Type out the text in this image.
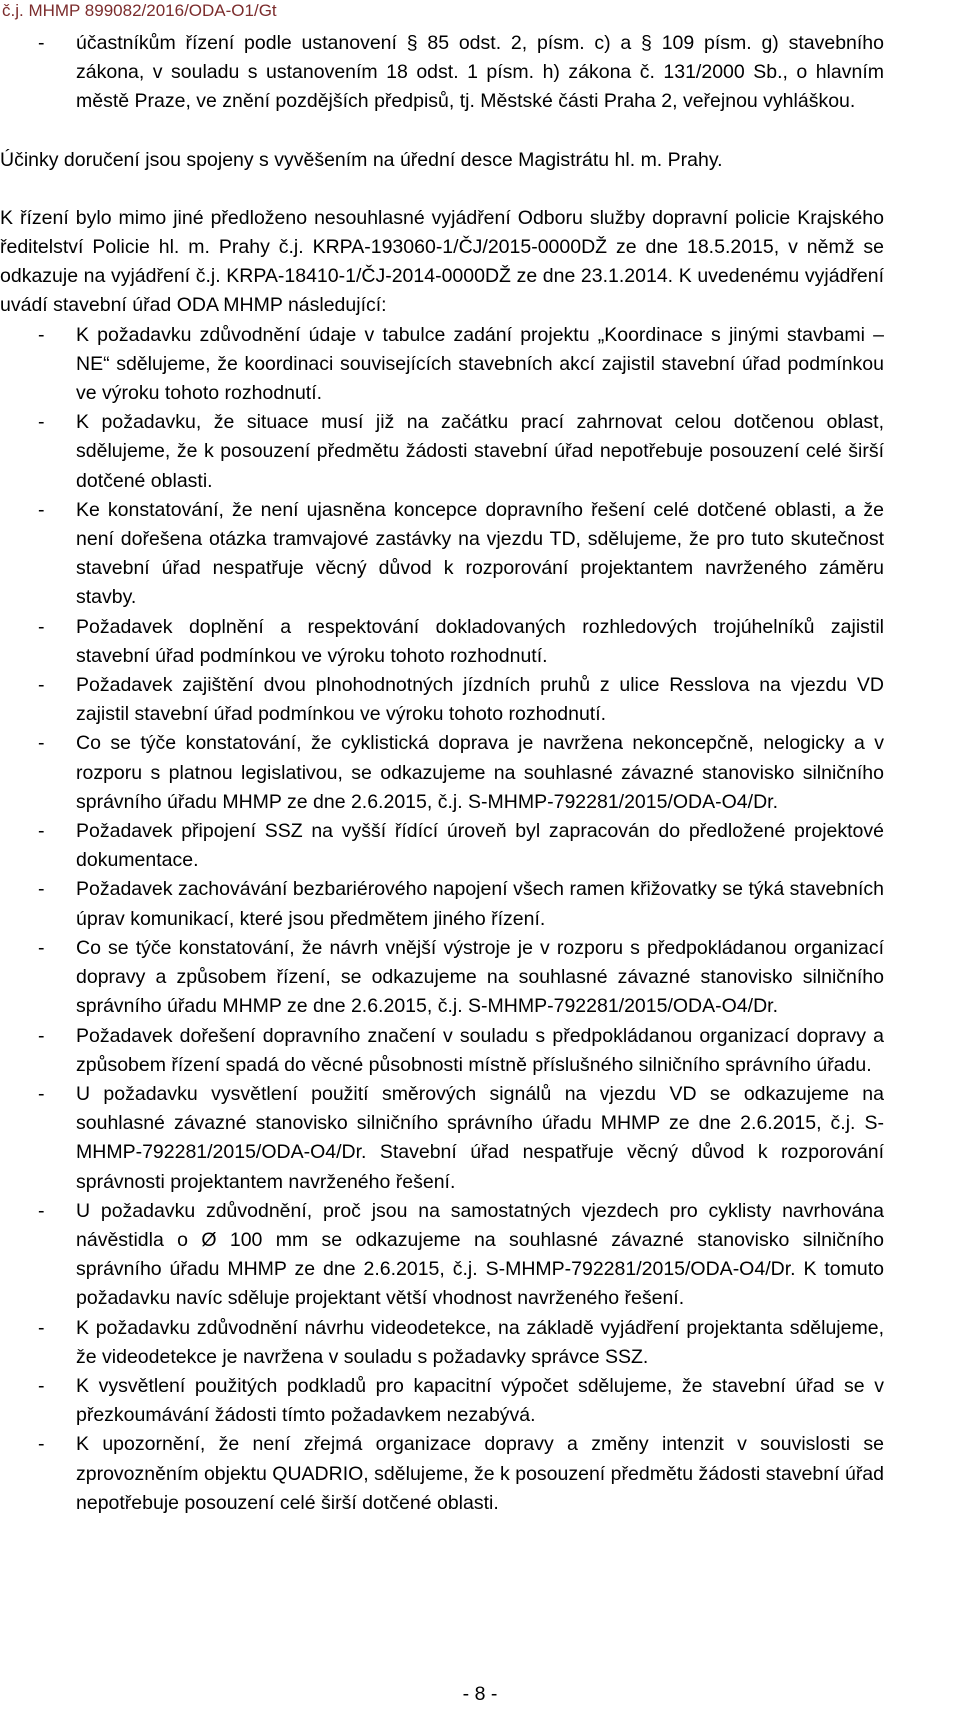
č.j. MHMP 899082/2016/ODA-O1/Gt
- účastníkům řízení podle ustanovení § 85 odst. 2, písm. c) a § 109 písm. g) stavebního zákona, v souladu s ustanovením 18 odst. 1 písm. h) zákona č. 131/2000 Sb., o hlavním městě Praze, ve znění pozdějších předpisů, tj. Městské části Praha 2, veřejnou vyhláškou.

Účinky doručení jsou spojeny s vyvěšením na úřední desce Magistrátu hl. m. Prahy.

K řízení bylo mimo jiné předloženo nesouhlasné vyjádření Odboru služby dopravní policie Krajského ředitelství Policie hl. m. Prahy č.j. KRPA-193060-1/ČJ/2015-0000DŽ ze dne 18.5.2015, v němž se odkazuje na vyjádření č.j. KRPA-18410-1/ČJ-2014-0000DŽ ze dne 23.1.2014. K uvedenému vyjádření uvádí stavební úřad ODA MHMP následující:

- K požadavku zdůvodnění údaje v tabulce zadání projektu „Koordinace s jinými stavbami – NE“ sdělujeme, že koordinaci souvisejících stavebních akcí zajistil stavební úřad podmínkou ve výroku tohoto rozhodnutí.
- K požadavku, že situace musí již na začátku prací zahrnovat celou dotčenou oblast, sdělujeme, že k posouzení předmětu žádosti stavební úřad nepotřebuje posouzení celé širší dotčené oblasti.
- Ke konstatování, že není ujasněna koncepce dopravního řešení celé dotčené oblasti, a že není dořešena otázka tramvajové zastávky na vjezdu TD, sdělujeme, že pro tuto skutečnost stavební úřad nespatřuje věcný důvod k rozporování projektantem navrženého záměru stavby.
- Požadavek doplnění a respektování dokladovaných rozhledových trojúhelníků zajistil stavební úřad podmínkou ve výroku tohoto rozhodnutí.
- Požadavek zajištění dvou plnohodnotných jízdních pruhů z ulice Resslova na vjezdu VD zajistil stavební úřad podmínkou ve výroku tohoto rozhodnutí.
- Co se týče konstatování, že cyklistická doprava je navržena nekoncepčně, nelogicky a v rozporu s platnou legislativou, se odkazujeme na souhlasné závazné stanovisko silničního správního úřadu MHMP ze dne 2.6.2015, č.j. S-MHMP-792281/2015/ODA-O4/Dr.
- Požadavek připojení SSZ na vyšší řídící úroveň byl zapracován do předložené projektové dokumentace.
- Požadavek zachovávání bezbariérového napojení všech ramen křižovatky se týká stavebních úprav komunikací, které jsou předmětem jiného řízení.
- Co se týče konstatování, že návrh vnější výstroje je v rozporu s předpokládanou organizací dopravy a způsobem řízení, se odkazujeme na souhlasné závazné stanovisko silničního správního úřadu MHMP ze dne 2.6.2015, č.j. S-MHMP-792281/2015/ODA-O4/Dr.
- Požadavek dořešení dopravního značení v souladu s předpokládanou organizací dopravy a způsobem řízení spadá do věcné působnosti místně příslušného silničního správního úřadu.
- U požadavku vysvětlení použití směrových signálů na vjezdu VD se odkazujeme na souhlasné závazné stanovisko silničního správního úřadu MHMP ze dne 2.6.2015, č.j. S-MHMP-792281/2015/ODA-O4/Dr. Stavební úřad nespatřuje věcný důvod k rozporování správnosti projektantem navrženého řešení.
- U požadavku zdůvodnění, proč jsou na samostatných vjezdech pro cyklisty navrhována návěstidla o Ø 100 mm se odkazujeme na souhlasné závazné stanovisko silničního správního úřadu MHMP ze dne 2.6.2015, č.j. S-MHMP-792281/2015/ODA-O4/Dr. K tomuto požadavku navíc sděluje projektant větší vhodnost navrženého řešení.
- K požadavku zdůvodnění návrhu videodetekce, na základě vyjádření projektanta sdělujeme, že videodetekce je navržena v souladu s požadavky správce SSZ.
- K vysvětlení použitých podkladů pro kapacitní výpočet sdělujeme, že stavební úřad se v přezkoumávání žádosti tímto požadavkem nezabývá.
- K upozornění, že není zřejmá organizace dopravy a změny intenzit v souvislosti se zprovozněním objektu QUADRIO, sdělujeme, že k posouzení předmětu žádosti stavební úřad nepotřebuje posouzení celé širší dotčené oblasti.
- 8 -
